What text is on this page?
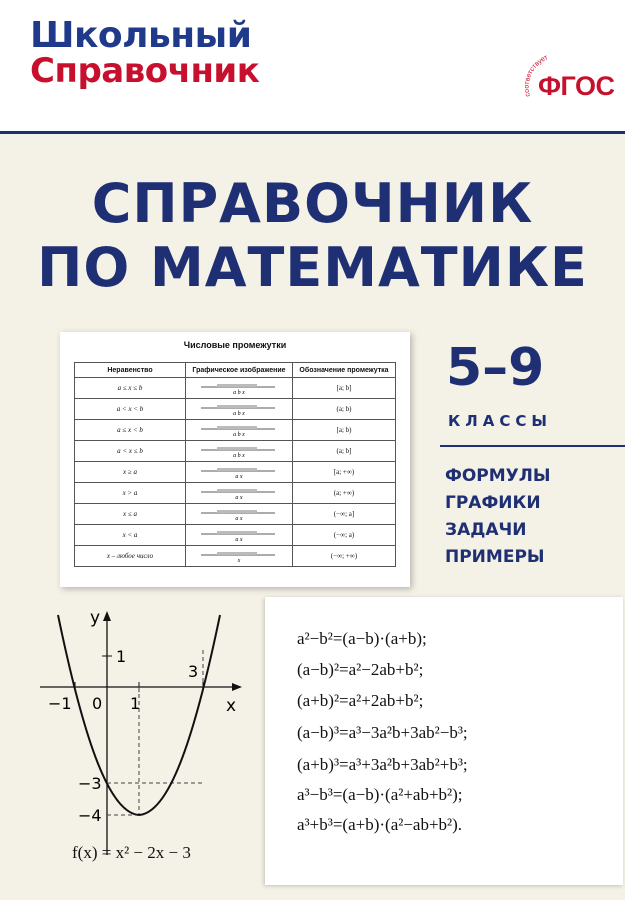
Школьный
Справочник
соответствует
ФГОС
СПРАВОЧНИК
ПО МАТЕМАТИКЕ
Числовые промежутки
Неравенство	Графическое изображение	Обозначение промежутка
a ≤ x ≤ b	a b x	[a; b]
a < x < b	a b x	(a; b)
a ≤ x < b	a b x	[a; b)
a < x ≤ b	a b x	(a; b]
x ≥ a	a x	[a; +∞)
x > a	a x	(a; +∞)
x ≤ a	a x	(−∞; a]
x < a	a x	(−∞; a)
x – любое число	x	(−∞; +∞)
5–9
КЛАССЫ
ФОРМУЛЫ
ГРАФИКИ
ЗАДАЧИ
ПРИМЕРЫ
y
x
1
3
−1 0 1
−3
−4
f(x) = x² − 2x − 3
a²−b²=(a−b)·(a+b);
(a−b)²=a²−2ab+b²;
(a+b)²=a²+2ab+b²;
(a−b)³=a³−3a²b+3ab²−b³;
(a+b)³=a³+3a²b+3ab²+b³;
a³−b³=(a−b)·(a²+ab+b²);
a³+b³=(a+b)·(a²−ab+b²).
